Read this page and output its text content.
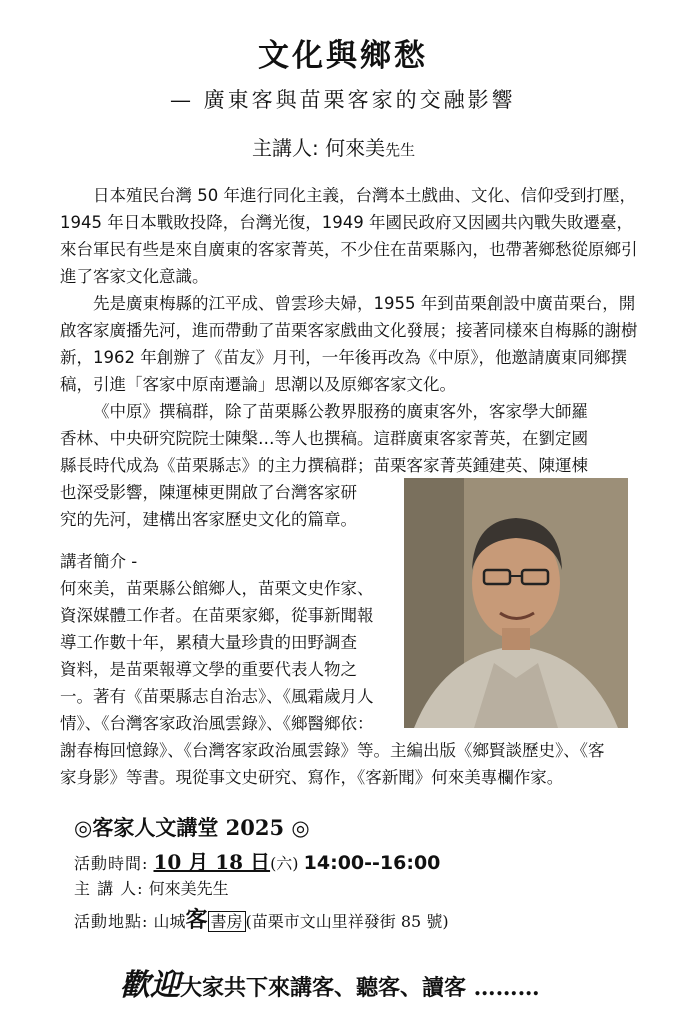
文化與鄉愁
— 廣東客與苗栗客家的交融影響
主講人: 何來美先生

日本殖民台灣 50 年進行同化主義，台灣本土戲曲、文化、信仰受到打壓，1945 年日本戰敗投降，台灣光復，1949 年國民政府又因國共內戰失敗遷臺，來台軍民有些是來自廣東的客家菁英，不少住在苗栗縣內，也帶著鄉愁從原鄉引進了客家文化意識。

先是廣東梅縣的江平成、曾雲珍夫婦，1955 年到苗栗創設中廣苗栗台，開啟客家廣播先河，進而帶動了苗栗客家戲曲文化發展；接著同樣來自梅縣的謝樹新，1962 年創辦了《苗友》月刊，一年後再改為《中原》，他邀請廣東同鄉撰稿，引進「客家中原南遷論」思潮以及原鄉客家文化。

《中原》撰稿群，除了苗栗縣公教界服務的廣東客外，客家學大師羅
香林、中央研究院院士陳槃…等人也撰稿。這群廣東客家菁英，在劉定國
縣長時代成為《苗栗縣志》的主力撰稿群；苗栗客家菁英鍾建英、陳運棟
也深受影響，陳運棟更開啟了台灣客家研
究的先河，建構出客家歷史文化的篇章。
講者簡介 -
何來美，苗栗縣公館鄉人，苗栗文史作家、
資深媒體工作者。在苗栗家鄉，從事新聞報
導工作數十年，累積大量珍貴的田野調查
資料，是苗栗報導文學的重要代表人物之
一。著有《苗栗縣志自治志》、《風霜歲月人
情》、《台灣客家政治風雲錄》、《鄉醫鄉依：
謝春梅回憶錄》、《台灣客家政治風雲錄》等。主編出版《鄉賢談歷史》、《客
家身影》等書。現從事文史研究、寫作，《客新聞》何來美專欄作家。
◎客家人文講堂 2025 ◎
活動時間: 10 月 18 日(六) 14:00--16:00
主 講 人: 何來美先生
活動地點: 山城客 書房 (苗栗市文山里祥發街 85 號)
歡迎大家共下來講客、聽客、讀客 ………
